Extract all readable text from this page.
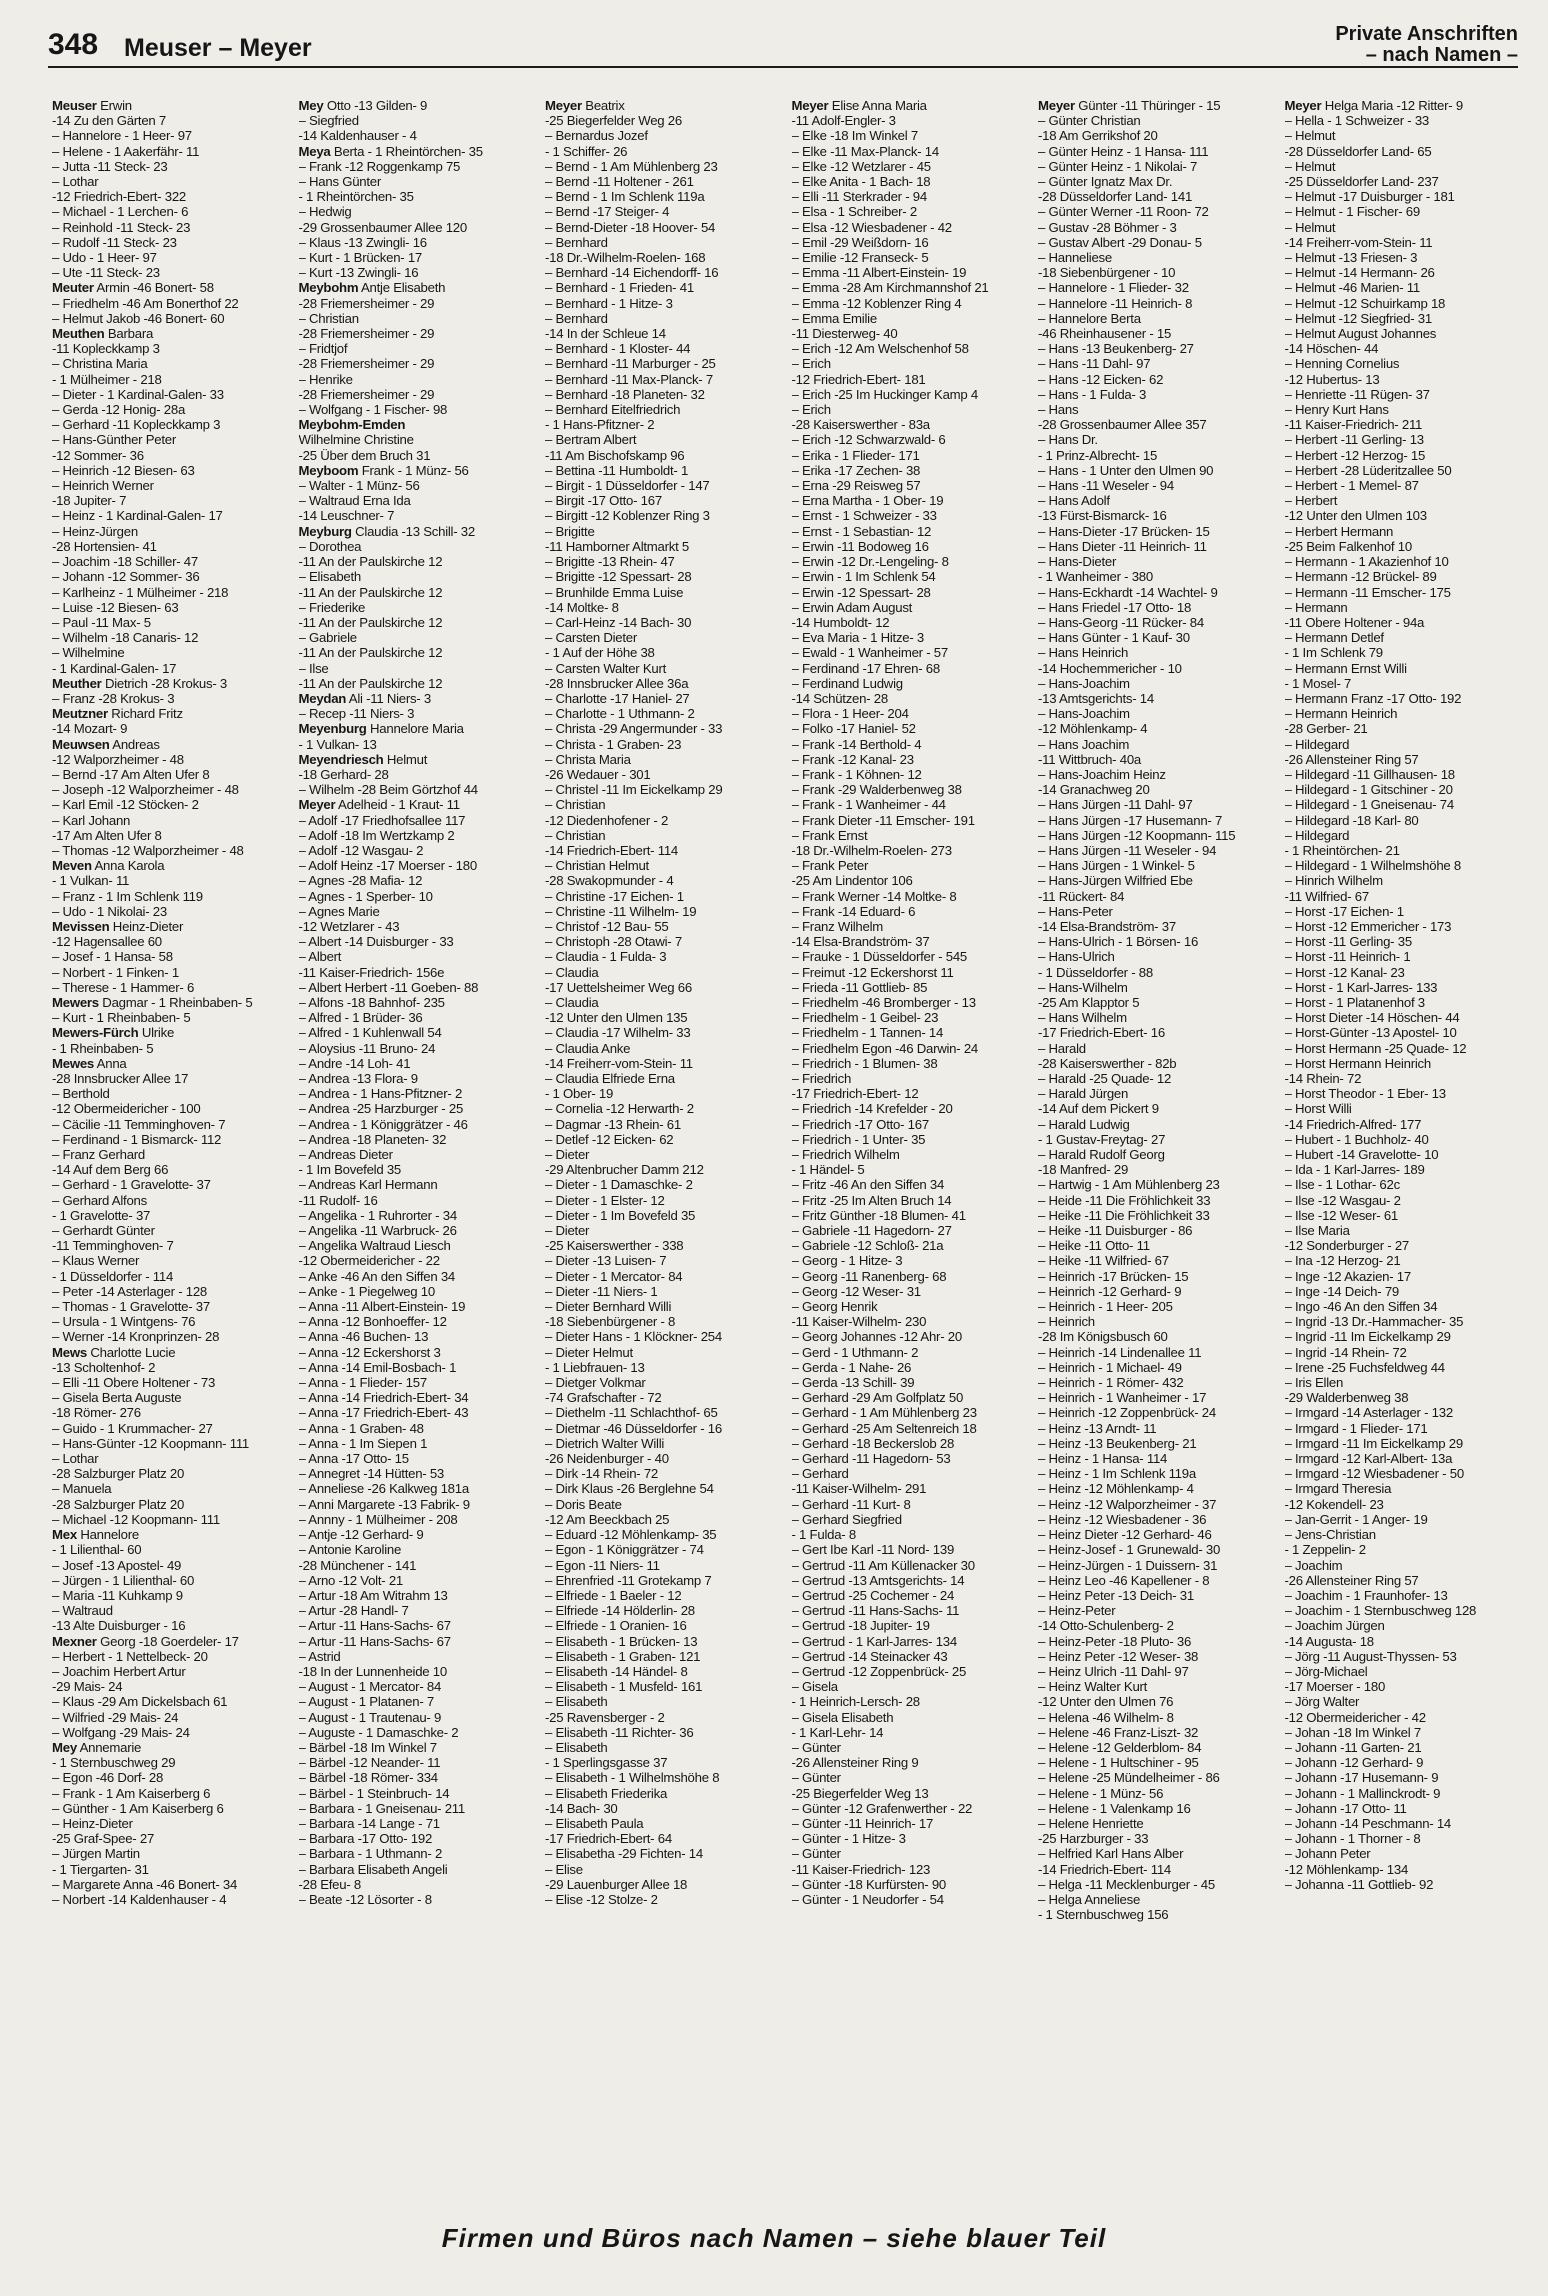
348 Meuser – Meyer	Private Anschriften
– nach Namen –
Meuser Erwin
-14 Zu den Gärten 7
– Hannelore - 1 Heer- 97
– Helene - 1 Aakerfähr- 11
– Jutta -11 Steck- 23
– Lothar
-12 Friedrich-Ebert- 322
– Michael - 1 Lerchen- 6
– Reinhold -11 Steck- 23
– Rudolf -11 Steck- 23
– Udo - 1 Heer- 97
– Ute -11 Steck- 23
Meuter Armin -46 Bonert- 58
– Friedhelm -46 Am Bonerthof 22
– Helmut Jakob -46 Bonert- 60
Meuthen Barbara
-11 Kopleckkamp 3
– Christina Maria
- 1 Mülheimer - 218
– Dieter - 1 Kardinal-Galen- 33
– Gerda -12 Honig- 28a
– Gerhard -11 Kopleckkamp 3
– Hans-Günther Peter
-12 Sommer- 36
– Heinrich -12 Biesen- 63
– Heinrich Werner
-18 Jupiter- 7
– Heinz - 1 Kardinal-Galen- 17
– Heinz-Jürgen
-28 Hortensien- 41
– Joachim -18 Schiller- 47
– Johann -12 Sommer- 36
– Karlheinz - 1 Mülheimer - 218
– Luise -12 Biesen- 63
– Paul -11 Max- 5
– Wilhelm -18 Canaris- 12
– Wilhelmine
- 1 Kardinal-Galen- 17
Meuther Dietrich -28 Krokus- 3
– Franz -28 Krokus- 3
Meutzner Richard Fritz
-14 Mozart- 9
Meuwsen Andreas
-12 Walporzheimer - 48
– Bernd -17 Am Alten Ufer 8
– Joseph -12 Walporzheimer - 48
– Karl Emil -12 Stöcken- 2
– Karl Johann
-17 Am Alten Ufer 8
– Thomas -12 Walporzheimer - 48
Meven Anna Karola
- 1 Vulkan- 11
– Franz - 1 Im Schlenk 119
– Udo - 1 Nikolai- 23
Mevissen Heinz-Dieter
-12 Hagensallee 60
– Josef - 1 Hansa- 58
– Norbert - 1 Finken- 1
– Therese - 1 Hammer- 6
Mewers Dagmar - 1 Rheinbaben- 5
– Kurt - 1 Rheinbaben- 5
Mewers-Fürch Ulrike
- 1 Rheinbaben- 5
Mewes Anna
-28 Innsbrucker Allee 17
– Berthold
-12 Obermeidericher - 100
– Cäcilie -11 Temminghoven- 7
– Ferdinand - 1 Bismarck- 112
– Franz Gerhard
-14 Auf dem Berg 66
– Gerhard - 1 Gravelotte- 37
– Gerhard Alfons
- 1 Gravelotte- 37
– Gerhardt Günter
-11 Temminghoven- 7
– Klaus Werner
- 1 Düsseldorfer - 114
– Peter -14 Asterlager - 128
– Thomas - 1 Gravelotte- 37
– Ursula - 1 Wintgens- 76
– Werner -14 Kronprinzen- 28
Mews Charlotte Lucie
-13 Scholtenhof- 2
– Elli -11 Obere Holtener - 73
– Gisela Berta Auguste
-18 Römer- 276
– Guido - 1 Krummacher- 27
– Hans-Günter -12 Koopmann- 111
– Lothar
-28 Salzburger Platz 20
– Manuela
-28 Salzburger Platz 20
– Michael -12 Koopmann- 111
Mex Hannelore
- 1 Lilienthal- 60
– Josef -13 Apostel- 49
– Jürgen - 1 Lilienthal- 60
– Maria -11 Kuhkamp 9
– Waltraud
-13 Alte Duisburger - 16
Mexner Georg -18 Goerdeler- 17
– Herbert - 1 Nettelbeck- 20
– Joachim Herbert Artur
-29 Mais- 24
– Klaus -29 Am Dickelsbach 61
– Wilfried -29 Mais- 24
– Wolfgang -29 Mais- 24
Mey Annemarie
- 1 Sternbuschweg 29
– Egon -46 Dorf- 28
– Frank - 1 Am Kaiserberg 6
– Günther - 1 Am Kaiserberg 6
– Heinz-Dieter
-25 Graf-Spee- 27
– Jürgen Martin
- 1 Tiergarten- 31
– Margarete Anna -46 Bonert- 34
– Norbert -14 Kaldenhauser - 4
Mey Otto -13 Gilden- 9
– Siegfried
-14 Kaldenhauser - 4
Meya Berta - 1 Rheintörchen- 35
– Frank -12 Roggenkamp 75
– Hans Günter
- 1 Rheintörchen- 35
– Hedwig
-29 Grossenbaumer Allee 120
– Klaus -13 Zwingli- 16
– Kurt - 1 Brücken- 17
– Kurt -13 Zwingli- 16
Meybohm Antje Elisabeth
-28 Friemersheimer - 29
– Christian
-28 Friemersheimer - 29
– Fridtjof
-28 Friemersheimer - 29
– Henrike
-28 Friemersheimer - 29
– Wolfgang - 1 Fischer- 98
Meybohm-Emden
Wilhelmine Christine
-25 Über dem Bruch 31
Meyboom Frank - 1 Münz- 56
– Walter - 1 Münz- 56
– Waltraud Erna Ida
-14 Leuschner- 7
Meyburg Claudia -13 Schill- 32
– Dorothea
-11 An der Paulskirche 12
– Elisabeth
-11 An der Paulskirche 12
– Friederike
-11 An der Paulskirche 12
– Gabriele
-11 An der Paulskirche 12
– Ilse
-11 An der Paulskirche 12
Meydan Ali -11 Niers- 3
– Recep -11 Niers- 3
Meyenburg Hannelore Maria
- 1 Vulkan- 13
Meyendriesch Helmut
-18 Gerhard- 28
– Wilhelm -28 Beim Görtzhof 44
Meyer Adelheid - 1 Kraut- 11
– Adolf -17 Friedhofsallee 117
– Adolf -18 Im Wertzkamp 2
– Adolf -12 Wasgau- 2
– Adolf Heinz -17 Moerser - 180
– Agnes -28 Mafia- 12
– Agnes - 1 Sperber- 10
– Agnes Marie
-12 Wetzlarer - 43
– Albert -14 Duisburger - 33
– Albert
-11 Kaiser-Friedrich- 156e
– Albert Herbert -11 Goeben- 88
– Alfons -18 Bahnhof- 235
– Alfred - 1 Brüder- 36
– Alfred - 1 Kuhlenwall 54
– Aloysius -11 Bruno- 24
– Andre -14 Loh- 41
– Andrea -13 Flora- 9
– Andrea - 1 Hans-Pfitzner- 2
– Andrea -25 Harzburger - 25
– Andrea - 1 Königgrätzer - 46
– Andrea -18 Planeten- 32
– Andreas Dieter
- 1 Im Bovefeld 35
– Andreas Karl Hermann
-11 Rudolf- 16
– Angelika - 1 Ruhrorter - 34
– Angelika -11 Warbruck- 26
– Angelika Waltraud Liesch
-12 Obermeidericher - 22
– Anke -46 An den Siffen 34
– Anke - 1 Piegelweg 10
– Anna -11 Albert-Einstein- 19
– Anna -12 Bonhoeffer- 12
– Anna -46 Buchen- 13
– Anna -12 Eckershorst 3
– Anna -14 Emil-Bosbach- 1
– Anna - 1 Flieder- 157
– Anna -14 Friedrich-Ebert- 34
– Anna -17 Friedrich-Ebert- 43
– Anna - 1 Graben- 48
– Anna - 1 Im Siepen 1
– Anna -17 Otto- 15
– Annegret -14 Hütten- 53
– Anneliese -26 Kalkweg 181a
– Anni Margarete -13 Fabrik- 9
– Annny - 1 Mülheimer - 208
– Antje -12 Gerhard- 9
– Antonie Karoline
-28 Münchener - 141
– Arno -12 Volt- 21
– Artur -18 Am Witrahm 13
– Artur -28 Handl- 7
– Artur -11 Hans-Sachs- 67
– Artur -11 Hans-Sachs- 67
– Astrid
-18 In der Lunnenheide 10
– August - 1 Mercator- 84
– August - 1 Platanen- 7
– August - 1 Trautenau- 9
– Auguste - 1 Damaschke- 2
– Bärbel -18 Im Winkel 7
– Bärbel -12 Neander- 11
– Bärbel -18 Römer- 334
– Bärbel - 1 Steinbruch- 14
– Barbara - 1 Gneisenau- 211
– Barbara -14 Lange - 71
– Barbara -17 Otto- 192
– Barbara - 1 Uthmann- 2
– Barbara Elisabeth Angeli
-28 Efeu- 8
– Beate -12 Lösorter - 8
Meyer Beatrix
-25 Biegerfelder Weg 26
– Bernardus Jozef
- 1 Schiffer- 26
– Bernd - 1 Am Mühlenberg 23
– Bernd -11 Holtener - 261
– Bernd - 1 Im Schlenk 119a
– Bernd -17 Steiger- 4
– Bernd-Dieter -18 Hoover- 54
– Bernhard
-18 Dr.-Wilhelm-Roelen- 168
– Bernhard -14 Eichendorff- 16
– Bernhard - 1 Frieden- 41
– Bernhard - 1 Hitze- 3
– Bernhard
-14 In der Schleue 14
– Bernhard - 1 Kloster- 44
– Bernhard -11 Marburger - 25
– Bernhard -11 Max-Planck- 7
– Bernhard -18 Planeten- 32
– Bernhard Eitelfriedrich
- 1 Hans-Pfitzner- 2
– Bertram Albert
-11 Am Bischofskamp 96
– Bettina -11 Humboldt- 1
– Birgit - 1 Düsseldorfer - 147
– Birgit -17 Otto- 167
– Birgitt -12 Koblenzer Ring 3
– Brigitte
-11 Hamborner Altmarkt 5
– Brigitte -13 Rhein- 47
– Brigitte -12 Spessart- 28
– Brunhilde Emma Luise
-14 Moltke- 8
– Carl-Heinz -14 Bach- 30
– Carsten Dieter
- 1 Auf der Höhe 38
– Carsten Walter Kurt
-28 Innsbrucker Allee 36a
– Charlotte -17 Haniel- 27
– Charlotte - 1 Uthmann- 2
– Christa -29 Angermunder - 33
– Christa - 1 Graben- 23
– Christa Maria
-26 Wedauer - 301
– Christel -11 Im Eickelkamp 29
– Christian
-12 Diedenhofener - 2
– Christian
-14 Friedrich-Ebert- 114
– Christian Helmut
-28 Swakopmunder - 4
– Christine -17 Eichen- 1
– Christine -11 Wilhelm- 19
– Christof -12 Bau- 55
– Christoph -28 Otawi- 7
– Claudia - 1 Fulda- 3
– Claudia
-17 Uettelsheimer Weg 66
– Claudia
-12 Unter den Ulmen 135
– Claudia -17 Wilhelm- 33
– Claudia Anke
-14 Freiherr-vom-Stein- 11
– Claudia Elfriede Erna
- 1 Ober- 19
– Cornelia -12 Herwarth- 2
– Dagmar -13 Rhein- 61
– Detlef -12 Eicken- 62
– Dieter
-29 Altenbrucher Damm 212
– Dieter - 1 Damaschke- 2
– Dieter - 1 Elster- 12
– Dieter - 1 Im Bovefeld 35
– Dieter
-25 Kaiserswerther - 338
– Dieter -13 Luisen- 7
– Dieter - 1 Mercator- 84
– Dieter -11 Niers- 1
– Dieter Bernhard Willi
-18 Siebenbürgener - 8
– Dieter Hans - 1 Klöckner- 254
– Dieter Helmut
- 1 Liebfrauen- 13
– Dietger Volkmar
-74 Grafschafter - 72
– Diethelm -11 Schlachthof- 65
– Dietmar -46 Düsseldorfer - 16
– Dietrich Walter Willi
-26 Neidenburger - 40
– Dirk -14 Rhein- 72
– Dirk Klaus -26 Berglehne 54
– Doris Beate
-12 Am Beeckbach 25
– Eduard -12 Möhlenkamp- 35
– Egon - 1 Königgrätzer - 74
– Egon -11 Niers- 11
– Ehrenfried -11 Grotekamp 7
– Elfriede - 1 Baeler - 12
– Elfriede -14 Hölderlin- 28
– Elfriede - 1 Oranien- 16
– Elisabeth - 1 Brücken- 13
– Elisabeth - 1 Graben- 121
– Elisabeth -14 Händel- 8
– Elisabeth - 1 Musfeld- 161
– Elisabeth
-25 Ravensberger - 2
– Elisabeth -11 Richter- 36
– Elisabeth
- 1 Sperlingsgasse 37
– Elisabeth - 1 Wilhelmshöhe 8
– Elisabeth Friederika
-14 Bach- 30
– Elisabeth Paula
-17 Friedrich-Ebert- 64
– Elisabetha -29 Fichten- 14
– Elise
-29 Lauenburger Allee 18
– Elise -12 Stolze- 2
Meyer Elise Anna Maria
-11 Adolf-Engler- 3
– Elke -18 Im Winkel 7
– Elke -11 Max-Planck- 14
– Elke -12 Wetzlarer - 45
– Elke Anita - 1 Bach- 18
– Elli -11 Sterkrader - 94
– Elsa - 1 Schreiber- 2
– Elsa -12 Wiesbadener - 42
– Emil -29 Weißdorn- 16
– Emilie -12 Franseck- 5
– Emma -11 Albert-Einstein- 19
– Emma -28 Am Kirchmannshof 21
– Emma -12 Koblenzer Ring 4
– Emma Emilie
-11 Diesterweg- 40
– Erich -12 Am Welschenhof 58
– Erich
-12 Friedrich-Ebert- 181
– Erich -25 Im Huckinger Kamp 4
– Erich
-28 Kaiserswerther - 83a
– Erich -12 Schwarzwald- 6
– Erika - 1 Flieder- 171
– Erika -17 Zechen- 38
– Erna -29 Reisweg 57
– Erna Martha - 1 Ober- 19
– Ernst - 1 Schweizer - 33
– Ernst - 1 Sebastian- 12
– Erwin -11 Bodoweg 16
– Erwin -12 Dr.-Lengeling- 8
– Erwin - 1 Im Schlenk 54
– Erwin -12 Spessart- 28
– Erwin Adam August
-14 Humboldt- 12
– Eva Maria - 1 Hitze- 3
– Ewald - 1 Wanheimer - 57
– Ferdinand -17 Ehren- 68
– Ferdinand Ludwig
-14 Schützen- 28
– Flora - 1 Heer- 204
– Folko -17 Haniel- 52
– Frank -14 Berthold- 4
– Frank -12 Kanal- 23
– Frank - 1 Köhnen- 12
– Frank -29 Walderbenweg 38
– Frank - 1 Wanheimer - 44
– Frank Dieter -11 Emscher- 191
– Frank Ernst
-18 Dr.-Wilhelm-Roelen- 273
– Frank Peter
-25 Am Lindentor 106
– Frank Werner -14 Moltke- 8
– Frank -14 Eduard- 6
– Franz Wilhelm
-14 Elsa-Brandström- 37
– Frauke - 1 Düsseldorfer - 545
– Freimut -12 Eckershorst 11
– Frieda -11 Gottlieb- 85
– Friedhelm -46 Bromberger - 13
– Friedhelm - 1 Geibel- 23
– Friedhelm - 1 Tannen- 14
– Friedhelm Egon -46 Darwin- 24
– Friedrich - 1 Blumen- 38
– Friedrich
-17 Friedrich-Ebert- 12
– Friedrich -14 Krefelder - 20
– Friedrich -17 Otto- 167
– Friedrich - 1 Unter- 35
– Friedrich Wilhelm
- 1 Händel- 5
– Fritz -46 An den Siffen 34
– Fritz -25 Im Alten Bruch 14
– Fritz Günther -18 Blumen- 41
– Gabriele -11 Hagedorn- 27
– Gabriele -12 Schloß- 21a
– Georg - 1 Hitze- 3
– Georg -11 Ranenberg- 68
– Georg -12 Weser- 31
– Georg Henrik
-11 Kaiser-Wilhelm- 230
– Georg Johannes -12 Ahr- 20
– Gerd - 1 Uthmann- 2
– Gerda - 1 Nahe- 26
– Gerda -13 Schill- 39
– Gerhard -29 Am Golfplatz 50
– Gerhard - 1 Am Mühlenberg 23
– Gerhard -25 Am Seltenreich 18
– Gerhard -18 Beckerslob 28
– Gerhard -11 Hagedorn- 53
– Gerhard
-11 Kaiser-Wilhelm- 291
– Gerhard -11 Kurt- 8
– Gerhard Siegfried
- 1 Fulda- 8
– Gert Ibe Karl -11 Nord- 139
– Gertrud -11 Am Küllenacker 30
– Gertrud -13 Amtsgerichts- 14
– Gertrud -25 Cochemer - 24
– Gertrud -11 Hans-Sachs- 11
– Gertrud -18 Jupiter- 19
– Gertrud - 1 Karl-Jarres- 134
– Gertrud -14 Steinacker 43
– Gertrud -12 Zoppenbrück- 25
– Gisela
- 1 Heinrich-Lersch- 28
– Gisela Elisabeth
- 1 Karl-Lehr- 14
– Günter
-26 Allensteiner Ring 9
– Günter
-25 Biegerfelder Weg 13
– Günter -12 Grafenwerther - 22
– Günter -11 Heinrich- 17
– Günter - 1 Hitze- 3
– Günter
-11 Kaiser-Friedrich- 123
– Günter -18 Kurfürsten- 90
– Günter - 1 Neudorfer - 54
Meyer Günter -11 Thüringer - 15
– Günter Christian
-18 Am Gerrikshof 20
– Günter Heinz - 1 Hansa- 111
– Günter Heinz - 1 Nikolai- 7
– Günter Ignatz Max Dr.
-28 Düsseldorfer Land- 141
– Günter Werner -11 Roon- 72
– Gustav -28 Böhmer - 3
– Gustav Albert -29 Donau- 5
– Hanneliese
-18 Siebenbürgener - 10
– Hannelore - 1 Flieder- 32
– Hannelore -11 Heinrich- 8
– Hannelore Berta
-46 Rheinhausener - 15
– Hans -13 Beukenberg- 27
– Hans -11 Dahl- 97
– Hans -12 Eicken- 62
– Hans - 1 Fulda- 3
– Hans
-28 Grossenbaumer Allee 357
– Hans Dr.
- 1 Prinz-Albrecht- 15
– Hans - 1 Unter den Ulmen 90
– Hans -11 Weseler - 94
– Hans Adolf
-13 Fürst-Bismarck- 16
– Hans-Dieter -17 Brücken- 15
– Hans Dieter -11 Heinrich- 11
– Hans-Dieter
- 1 Wanheimer - 380
– Hans-Eckhardt -14 Wachtel- 9
– Hans Friedel -17 Otto- 18
– Hans-Georg -11 Rücker- 84
– Hans Günter - 1 Kauf- 30
– Hans Heinrich
-14 Hochemmericher - 10
– Hans-Joachim
-13 Amtsgerichts- 14
– Hans-Joachim
-12 Möhlenkamp- 4
– Hans Joachim
-11 Wittbruch- 40a
– Hans-Joachim Heinz
-14 Granachweg 20
– Hans Jürgen -11 Dahl- 97
– Hans Jürgen -17 Husemann- 7
– Hans Jürgen -12 Koopmann- 115
– Hans Jürgen -11 Weseler - 94
– Hans Jürgen - 1 Winkel- 5
– Hans-Jürgen Wilfried Ebe
-11 Rückert- 84
– Hans-Peter
-14 Elsa-Brandström- 37
– Hans-Ulrich - 1 Börsen- 16
– Hans-Ulrich
- 1 Düsseldorfer - 88
– Hans-Wilhelm
-25 Am Klapptor 5
– Hans Wilhelm
-17 Friedrich-Ebert- 16
– Harald
-28 Kaiserswerther - 82b
– Harald -25 Quade- 12
– Harald Jürgen
-14 Auf dem Pickert 9
– Harald Ludwig
- 1 Gustav-Freytag- 27
– Harald Rudolf Georg
-18 Manfred- 29
– Hartwig - 1 Am Mühlenberg 23
– Heide -11 Die Fröhlichkeit 33
– Heike -11 Die Fröhlichkeit 33
– Heike -11 Duisburger - 86
– Heike -11 Otto- 11
– Heike -11 Wilfried- 67
– Heinrich -17 Brücken- 15
– Heinrich -12 Gerhard- 9
– Heinrich - 1 Heer- 205
– Heinrich
-28 Im Königsbusch 60
– Heinrich -14 Lindenallee 11
– Heinrich - 1 Michael- 49
– Heinrich - 1 Römer- 432
– Heinrich - 1 Wanheimer - 17
– Heinrich -12 Zoppenbrück- 24
– Heinz -13 Arndt- 11
– Heinz -13 Beukenberg- 21
– Heinz - 1 Hansa- 114
– Heinz - 1 Im Schlenk 119a
– Heinz -12 Möhlenkamp- 4
– Heinz -12 Walporzheimer - 37
– Heinz -12 Wiesbadener - 36
– Heinz Dieter -12 Gerhard- 46
– Heinz-Josef - 1 Grunewald- 30
– Heinz-Jürgen - 1 Duissern- 31
– Heinz Leo -46 Kapellener - 8
– Heinz Peter -13 Deich- 31
– Heinz-Peter
-14 Otto-Schulenberg- 2
– Heinz-Peter -18 Pluto- 36
– Heinz Peter -12 Weser- 38
– Heinz Ulrich -11 Dahl- 97
– Heinz Walter Kurt
-12 Unter den Ulmen 76
– Helena -46 Wilhelm- 8
– Helene -46 Franz-Liszt- 32
– Helene -12 Gelderblom- 84
– Helene - 1 Hultschiner - 95
– Helene -25 Mündelheimer - 86
– Helene - 1 Münz- 56
– Helene - 1 Valenkamp 16
– Helene Henriette
-25 Harzburger - 33
– Helfried Karl Hans Alber
-14 Friedrich-Ebert- 114
– Helga -11 Mecklenburger - 45
– Helga Anneliese
- 1 Sternbuschweg 156
Meyer Helga Maria -12 Ritter- 9
– Hella - 1 Schweizer - 33
– Helmut
-28 Düsseldorfer Land- 65
– Helmut
-25 Düsseldorfer Land- 237
– Helmut -17 Duisburger - 181
– Helmut - 1 Fischer- 69
– Helmut
-14 Freiherr-vom-Stein- 11
– Helmut -13 Friesen- 3
– Helmut -14 Hermann- 26
– Helmut -46 Marien- 11
– Helmut -12 Schuirkamp 18
– Helmut -12 Siegfried- 31
– Helmut August Johannes
-14 Höschen- 44
– Henning Cornelius
-12 Hubertus- 13
– Henriette -11 Rügen- 37
– Henry Kurt Hans
-11 Kaiser-Friedrich- 211
– Herbert -11 Gerling- 13
– Herbert -12 Herzog- 15
– Herbert -28 Lüderitzallee 50
– Herbert - 1 Memel- 87
– Herbert
-12 Unter den Ulmen 103
– Herbert Hermann
-25 Beim Falkenhof 10
– Hermann - 1 Akazienhof 10
– Hermann -12 Brückel- 89
– Hermann -11 Emscher- 175
– Hermann
-11 Obere Holtener - 94a
– Hermann Detlef
- 1 Im Schlenk 79
– Hermann Ernst Willi
- 1 Mosel- 7
– Hermann Franz -17 Otto- 192
– Hermann Heinrich
-28 Gerber- 21
– Hildegard
-26 Allensteiner Ring 57
– Hildegard -11 Gillhausen- 18
– Hildegard - 1 Gitschiner - 20
– Hildegard - 1 Gneisenau- 74
– Hildegard -18 Karl- 80
– Hildegard
- 1 Rheintörchen- 21
– Hildegard - 1 Wilhelmshöhe 8
– Hinrich Wilhelm
-11 Wilfried- 67
– Horst -17 Eichen- 1
– Horst -12 Emmericher - 173
– Horst -11 Gerling- 35
– Horst -11 Heinrich- 1
– Horst -12 Kanal- 23
– Horst - 1 Karl-Jarres- 133
– Horst - 1 Platanenhof 3
– Horst Dieter -14 Höschen- 44
– Horst-Günter -13 Apostel- 10
– Horst Hermann -25 Quade- 12
– Horst Hermann Heinrich
-14 Rhein- 72
– Horst Theodor - 1 Eber- 13
– Horst Willi
-14 Friedrich-Alfred- 177
– Hubert - 1 Buchholz- 40
– Hubert -14 Gravelotte- 10
– Ida - 1 Karl-Jarres- 189
– Ilse - 1 Lothar- 62c
– Ilse -12 Wasgau- 2
– Ilse -12 Weser- 61
– Ilse Maria
-12 Sonderburger - 27
– Ina -12 Herzog- 21
– Inge -12 Akazien- 17
– Inge -14 Deich- 79
– Ingo -46 An den Siffen 34
– Ingrid -13 Dr.-Hammacher- 35
– Ingrid -11 Im Eickelkamp 29
– Ingrid -14 Rhein- 72
– Irene -25 Fuchsfeldweg 44
– Iris Ellen
-29 Walderbenweg 38
– Irmgard -14 Asterlager - 132
– Irmgard - 1 Flieder- 171
– Irmgard -11 Im Eickelkamp 29
– Irmgard -12 Karl-Albert- 13a
– Irmgard -12 Wiesbadener - 50
– Irmgard Theresia
-12 Kokendell- 23
– Jan-Gerrit - 1 Anger- 19
– Jens-Christian
- 1 Zeppelin- 2
– Joachim
-26 Allensteiner Ring 57
– Joachim - 1 Fraunhofer- 13
– Joachim - 1 Sternbuschweg 128
– Joachim Jürgen
-14 Augusta- 18
– Jörg -11 August-Thyssen- 53
– Jörg-Michael
-17 Moerser - 180
– Jörg Walter
-12 Obermeidericher - 42
– Johan -18 Im Winkel 7
– Johann -11 Garten- 21
– Johann -12 Gerhard- 9
– Johann -17 Husemann- 9
– Johann - 1 Mallinckrodt- 9
– Johann -17 Otto- 11
– Johann -14 Peschmann- 14
– Johann - 1 Thorner - 8
– Johann Peter
-12 Möhlenkamp- 134
– Johanna -11 Gottlieb- 92
Firmen und Büros nach Namen – siehe blauer Teil
